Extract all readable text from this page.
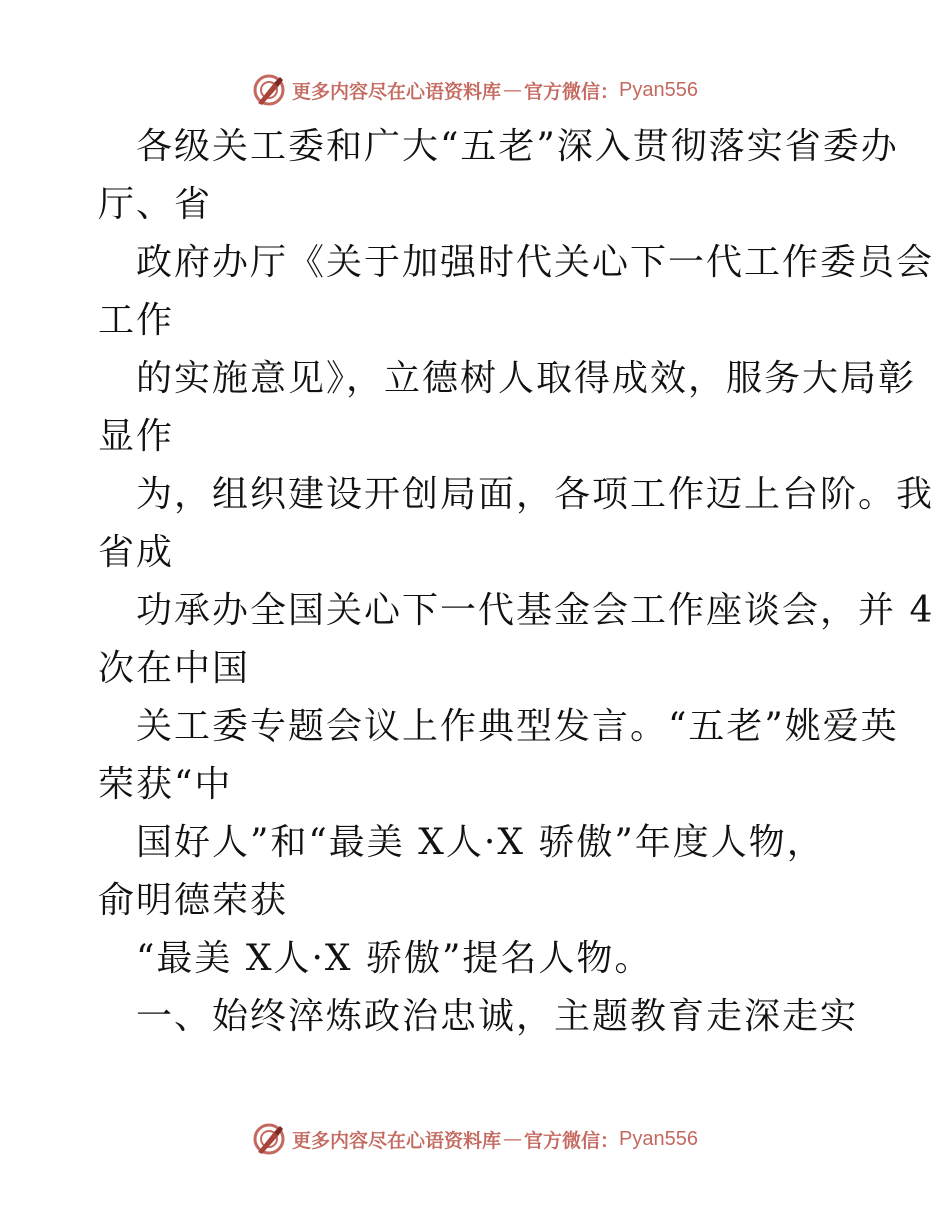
更多内容尽在心语资料库 — 官方微信： Pyan556
各级关工委和广大“五老”深入贯彻落实省委办
厅、省
政府办厅《关于加强时代关心下一代工作委员会
工作
的实施意见》，立德树人取得成效，服务大局彰
显作
为，组织建设开创局面，各项工作迈上台阶。我
省成
功承办全国关心下一代基金会工作座谈会，并 4
次在中国
关工委专题会议上作典型发言。“五老”姚爱英
荣获“中
国好人”和“最美 X人·X 骄傲”年度人物，
俞明德荣获
“最美 X人·X 骄傲”提名人物。
一、始终淬炼政治忠诚，主题教育走深走实
更多内容尽在心语资料库 — 官方微信： Pyan556
